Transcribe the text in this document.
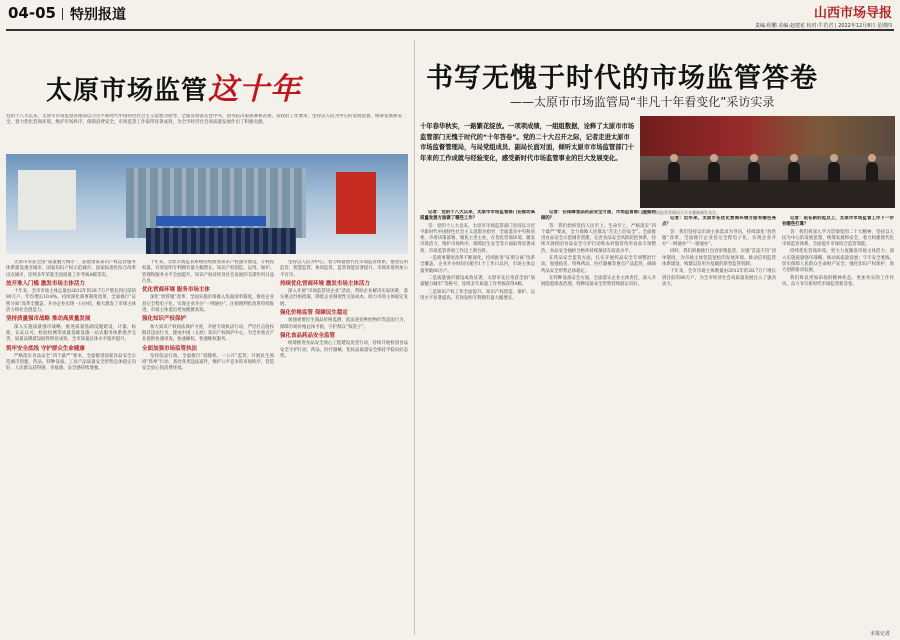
04-05 特别报道	山西市场导报
责编:程鹏 美编:赵建花 校对:牛若君 | 2022年12月8日 星期四
太原市场监管这十年
党的十八大以来，太原市市场监督管理局以习近平新时代中国特色社会主义思想为指导，全面贯彻落实党中央、国务院决策部署和省委、省政府工作要求，坚持以人民为中心的发展思想，统筹发展和安全，着力优化营商环境、维护市场秩序、保障消费安全，市场监管工作取得显著成效，为全市经济社会高质量发展作出了积极贡献。
书写无愧于时代的市场监管答卷
——太原市市场监管局“非凡十年看变化”采访实录
十年春华秋实，一路繁花绽放。一项项成绩，一组组数据，诠释了太原市市场监管部门无愧于时代的“十年答卷”。党的二十大召开之际，记者走进太原市市场监督管理局，与局党组成员、副局长面对面，倾听太原市市场监管部门十年来的工作成就与经验变化，感受新时代市场监管事业的巨大发展变化。
太原市市场监督管理局召开专题新闻发布会。

太原市荣获全国“质量魅力城市”，获批国家知识产权运营服务体系建设重点城市、国家知识产权示范城市、国家标准化综合改革试点城市，连续多年荣获全国质量工作考核A级等次。

放开准入门槛 激发市场主体活力

十年来，全市市场主体总量由2012年的28.7万户增长到目前的80万户，年均增长10.8%。持续深化商事制度改革，全面推行“证照分离”改革全覆盖，开办企业实现一日办结，极大激发了市场主体活力和社会创造力。

坚持质量强市战略 推动高质量发展

深入实施质量强市战略，推进质量基础设施建设，计量、标准、认证认可、检验检测等质量基础设施一站式服务体系逐步完善，质量品牌建设取得明显成效，全市质量总体水平稳步提升。

筑牢安全底线 守护群众生命健康

严格落实食品安全“四个最严”要求，全面推进国家食品安全示范城市创建，药品、特种设备、工业产品质量安全形势总体稳定向好，人民群众获得感、幸福感、安全感持续增强。

十年来，太原市场监管系统持续推进知识产权强市建设，专利授权量、有效发明专利拥有量大幅增长，知识产权创造、运用、保护、管理和服务水平全面提升，知识产权对经济社会发展的支撑作用日益凸显。

优化营商环境 服务市场主体

深化“放管服”改革，全面实施市场准入负面清单制度，推进企业登记全程电子化，实现企业开办“一网通办”，注销便利化改革持续推进，市场主体退出更加便捷高效。

强化知识产权保护

加大知识产权执法保护力度，开展专项执法行动，严厉打击侵权假冒违法行为，建成中国（太原）知识产权保护中心，为全市重点产业提供快速审查、快速确权、快速维权服务。

全面加强市场监管执法

坚持依法行政，全面推行“双随机、一公开”监管，开展民生领域“铁拳”行动，查处各类违法案件，维护公平竞争的市场秩序，营造安全放心的消费环境。

坚持以人民为中心，着力构建现代化市场监管体系，推进信用监管、智慧监管、协同监管，监管效能显著提升，市场环境更加公平有序。

持续优化营商环境 激发市场主体活力

深入开展“市场监管进企业”活动，帮助企业解决实际困难，落实惠企纾困政策，降低企业制度性交易成本，助力市场主体稳定发展。

强化价格监管 保障民生稳定

加强重要民生商品价格监测，依法查处哄抬物价等违法行为，保障市场价格总体平稳，守护群众“钱袋子”。

强化食品药品安全监管

统筹推进食品安全放心工程建设攻坚行动，持续开展校园食品安全守护行动，药品、医疗器械、化妆品质量安全保持平稳向好态势。

记者：党的十八大以来，太原市市场监管部门在推动高质量发展方面做了哪些工作？

答：党的十八大以来，太原市市场监管部门坚持以习近平新时代中国特色社会主义思想为指导，全面落实中央和省委、市委决策部署，聚焦主责主业，在优化营商环境、激发市场活力、维护市场秩序、保障民生安全等方面取得显著成效，市场监管各项工作迈上新台阶。

一是商事制度改革不断深化。持续推进“证照分离”改革全覆盖，企业开办时间压缩至1个工作日以内，市场主体总量突破80万户。

二是质量强市建设成效显著。太原市先后荣获全国“质量魅力城市”等称号，连续多年质量工作考核获得A级。

三是知识产权工作全面提升。知识产权创造、保护、运用水平显著提高，有效发明专利拥有量大幅增长。

记者：在保障食品药品安全方面，市场监管部门是如何做的？

答：我们始终坚持人民至上、生命至上，严格落实“四个最严”要求，全力保障人民群众“舌尖上的安全”。全面推进食品安全示范城市创建，完善食品安全风险防控体系，持续开展校园食品安全守护行动和农村假冒伪劣食品专项整治，食品安全抽检合格率持续保持在较高水平。

在药品安全监管方面，扎实开展药品安全专项整治行动，加强疫苗、特殊药品、医疗器械等重点产品监管，确保药品安全形势总体稳定。

在特种设备安全方面，全面落实企业主体责任，深入开展隐患排查治理，特种设备安全形势持续稳定向好。

记者：近年来，太原市在优化营商环境方面有哪些亮点？

答：我们坚持以市场主体需求为导向，持续深化“放管服”改革，全面推行企业登记全程电子化，实现企业开办“一网通办”“一窗通办”。

同时，我们积极推行包容审慎监管，实施“首违不罚”清单制度，为市场主体营造宽松的发展环境。推动信用监管体系建设，构建以信用为基础的新型监管机制。

十年来，全市市场主体数量由2012年的28.7万户增长到目前的80万户，为全市经济社会高质量发展注入了强劲动力。

记者：站在新的起点上，太原市市场监管工作下一步有哪些打算？

答：我们将深入学习贯彻党的二十大精神，坚持以人民为中心的发展思想，统筹发展和安全，着力构建现代化市场监管体系，全面提升市场综合监管效能。

持续优化营商环境，更大力度激发市场主体活力；深入实施质量强市战略，推动高质量发展；守牢安全底线，切实保障人民群众生命财产安全；强化知识产权保护，助力创新驱动发展。

我们将以更加昂扬的精神状态、更加务实的工作作风，奋力书写新时代市场监管新答卷。

本报记者
